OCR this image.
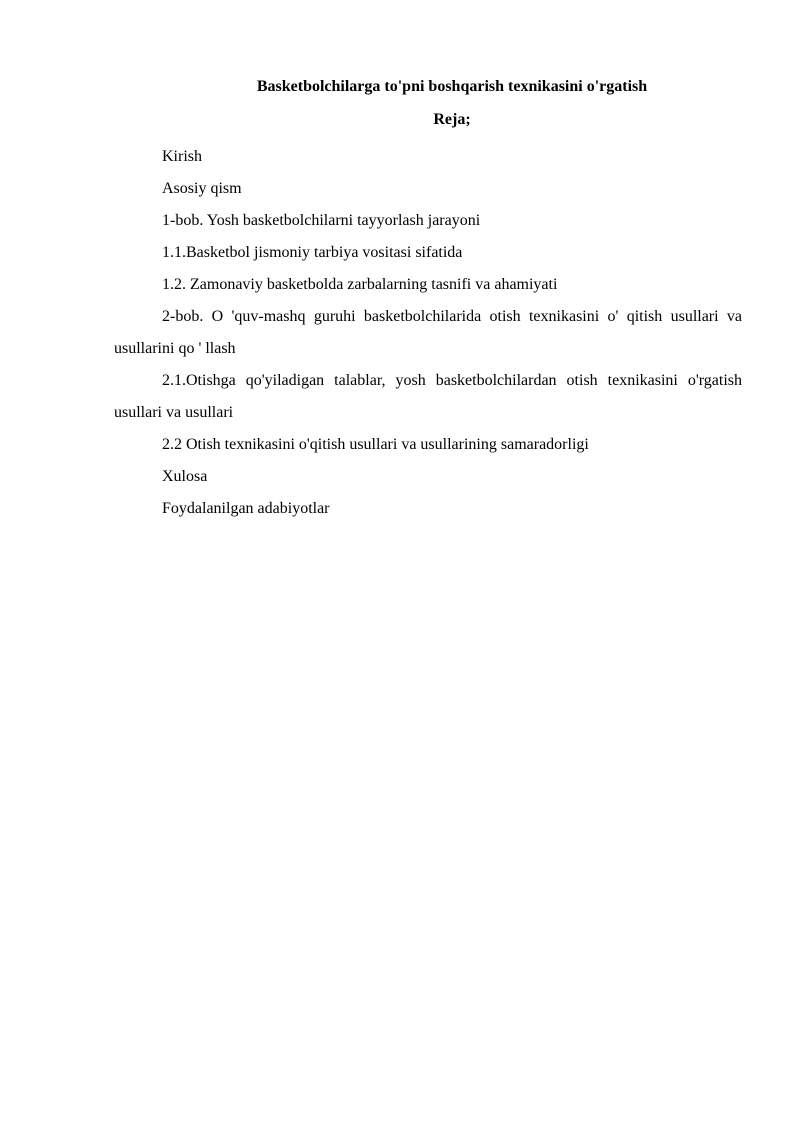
Basketbolchilarga to'pni boshqarish texnikasini o'rgatish

Reja;

Kirish

Asosiy qism

1-bob. Yosh basketbolchilarni tayyorlash jarayoni

1.1.Basketbol jismoniy tarbiya vositasi sifatida

1.2. Zamonaviy basketbolda zarbalarning tasnifi va ahamiyati

2-bob. O 'quv-mashq guruhi basketbolchilarida otish texnikasini o' qitish usullari va usullarini qo ' llash

2.1.Otishga qo'yiladigan talablar, yosh basketbolchilardan otish texnikasini o'rgatish usullari va usullari

2.2 Otish texnikasini o'qitish usullari va usullarining samaradorligi

Xulosa

Foydalanilgan adabiyotlar
